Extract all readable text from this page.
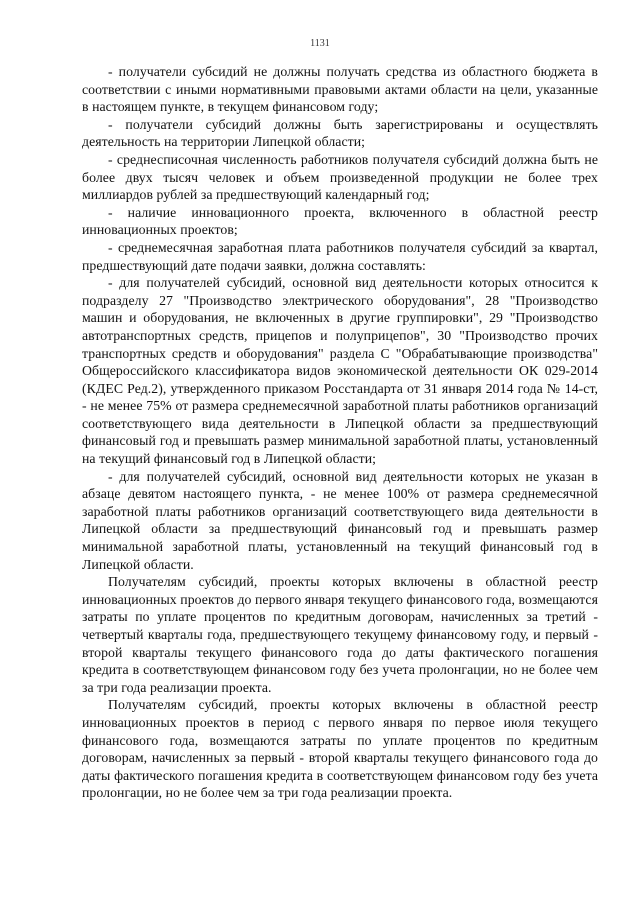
1131

- получатели субсидий не должны получать средства из областного бюджета в соответствии с иными нормативными правовыми актами области на цели, указанные в настоящем пункте, в текущем финансовом году;

- получатели субсидий должны быть зарегистрированы и осуществлять деятельность на территории Липецкой области;

- среднесписочная численность работников получателя субсидий должна быть не более двух тысяч человек и объем произведенной продукции не более трех миллиардов рублей за предшествующий календарный год;

- наличие инновационного проекта, включенного в областной реестр инновационных проектов;

- среднемесячная заработная плата работников получателя субсидий за квартал, предшествующий дате подачи заявки, должна составлять:

- для получателей субсидий, основной вид деятельности которых относится к подразделу 27 "Производство электрического оборудования", 28 "Производство машин и оборудования, не включенных в другие группировки", 29 "Производство автотранспортных средств, прицепов и полуприцепов", 30 "Производство прочих транспортных средств и оборудования" раздела С "Обрабатывающие производства" Общероссийского классификатора видов экономической деятельности ОК 029-2014 (КДЕС Ред.2), утвержденного приказом Росстандарта от 31 января 2014 года № 14-ст, - не менее 75% от размера среднемесячной заработной платы работников организаций соответствующего вида деятельности в Липецкой области за предшествующий финансовый год и превышать размер минимальной заработной платы, установленный на текущий финансовый год в Липецкой области;

- для получателей субсидий, основной вид деятельности которых не указан в абзаце девятом настоящего пункта, - не менее 100% от размера среднемесячной заработной платы работников организаций соответствующего вида деятельности в Липецкой области за предшествующий финансовый год и превышать размер минимальной заработной платы, установленный на текущий финансовый год в Липецкой области.

Получателям субсидий, проекты которых включены в областной реестр инновационных проектов до первого января текущего финансового года, возмещаются затраты по уплате процентов по кредитным договорам, начисленных за третий - четвертый кварталы года, предшествующего текущему финансовому году, и первый - второй кварталы текущего финансового года до даты фактического погашения кредита в соответствующем финансовом году без учета пролонгации, но не более чем за три года реализации проекта.

Получателям субсидий, проекты которых включены в областной реестр инновационных проектов в период с первого января по первое июля текущего финансового года, возмещаются затраты по уплате процентов по кредитным договорам, начисленных за первый - второй кварталы текущего финансового года до даты фактического погашения кредита в соответствующем финансовом году без учета пролонгации, но не более чем за три года реализации проекта.
